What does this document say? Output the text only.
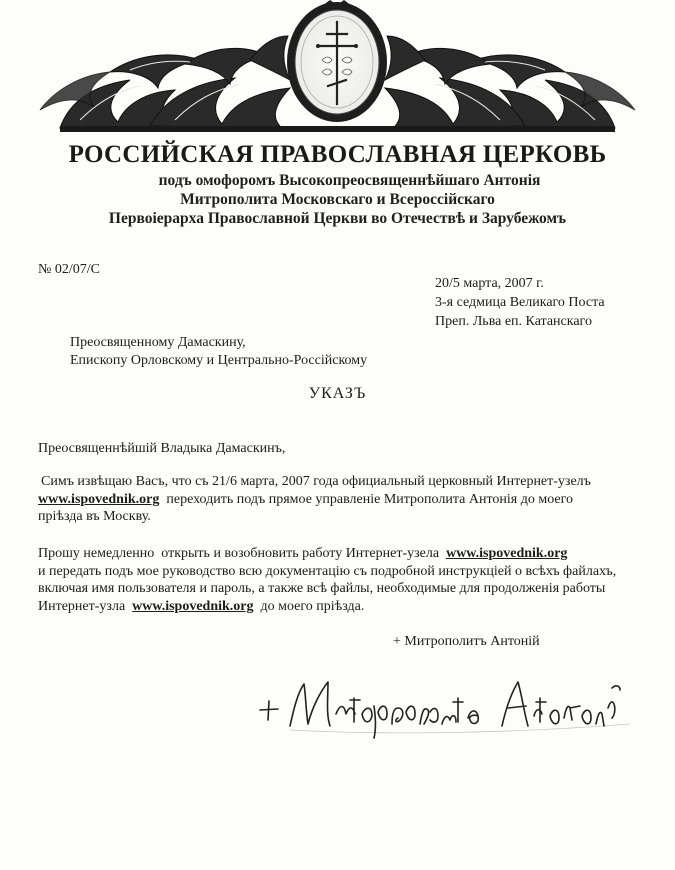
РОССИЙСКАЯ ПРАВОСЛАВНАЯ ЦЕРКОВЬ
подъ омофоромъ Высокопреосвященнѣйшаго Антонія
Митрополита Московскаго и Всероссійскаго
Первоіерарха Православной Церкви во Отечествѣ и Зарубежомъ
№ 02/07/С
20/5 марта, 2007 г.
3-я седмица Великаго Поста
Преп. Льва еп. Катанскаго
Преосвященному Дамаскину,
Епископу Орловскому и Центрально-Россійскому
УКАЗЪ
Преосвященнѣйшій Владыка Дамаскинъ,
Симъ извѣщаю Васъ, что съ 21/6 марта, 2007 года официальный церковный Интернет-узелъ
www.ispovednik.org  переходить подъ прямое управленіе Митрополита Антонія до моего
пріѣзда въ Москву.
Прошу немедленно  открыть и возобновить работу Интернет-узела  www.ispovednik.org
и передать подъ мое руководство всю документацію съ подробной инструкціей о всѣхъ файлахъ,
включая имя пользователя и пароль, а также всѣ файлы, необходимые для продолженія работы
Интернет-узла  www.ispovednik.org  до моего пріѣзда.
+ Митрополитъ Антоній
